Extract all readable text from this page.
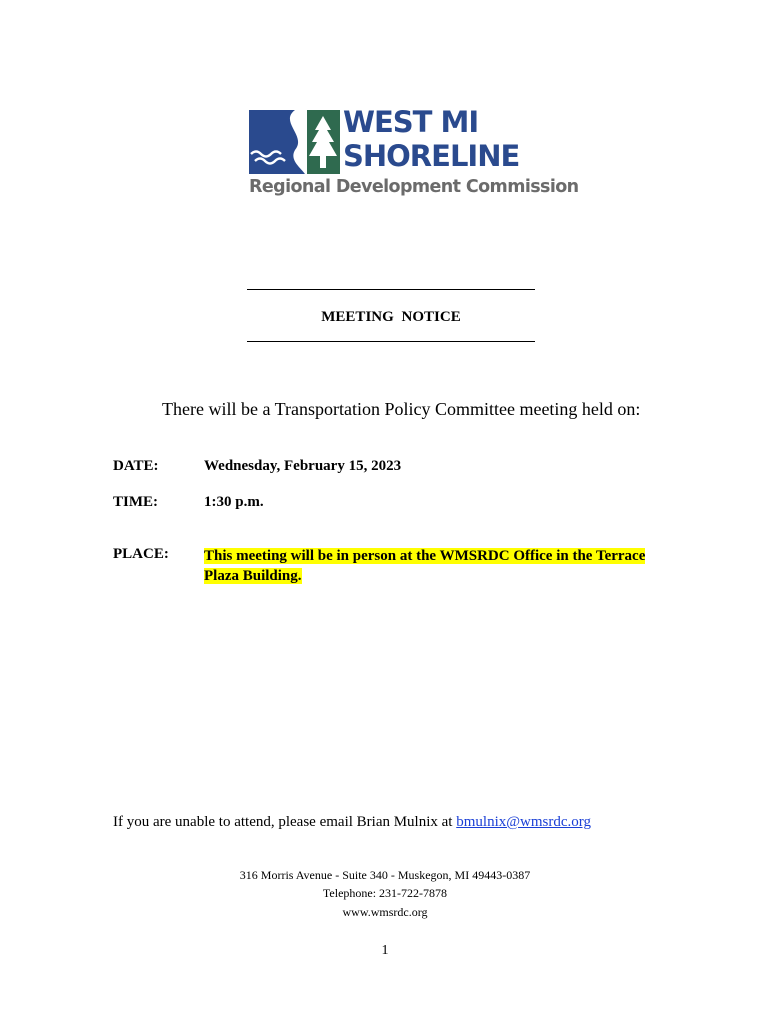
WEST MI
SHORELINE
Regional Development Commission
MEETING NOTICE
There will be a Transportation Policy Committee meeting held on:
DATE:	Wednesday, February 15, 2023
TIME:	1:30 p.m.
PLACE: This meeting will be in person at the WMSRDC Office in the Terrace
Plaza Building.
If you are unable to attend, please email Brian Mulnix at bmulnix@wmsrdc.org
316 Morris Avenue - Suite 340 - Muskegon, MI 49443-0387
Telephone: 231-722-7878
www.wmsrdc.org
1
